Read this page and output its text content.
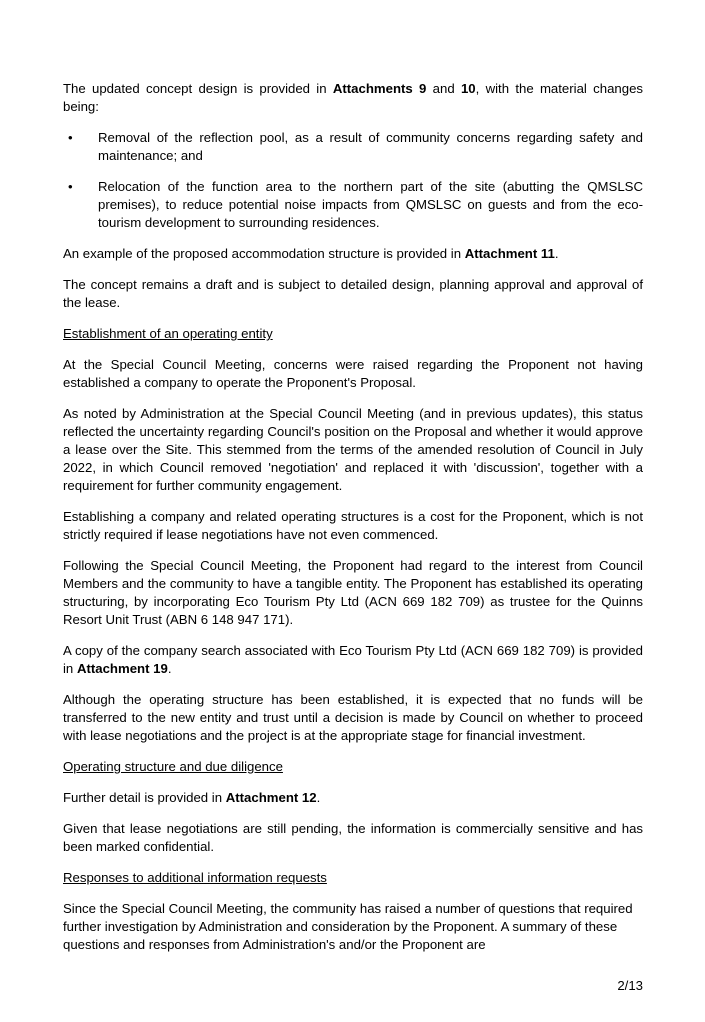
The updated concept design is provided in Attachments 9 and 10, with the material changes being:

•	Removal of the reflection pool, as a result of community concerns regarding safety and maintenance; and

•	Relocation of the function area to the northern part of the site (abutting the QMSLSC premises), to reduce potential noise impacts from QMSLSC on guests and from the eco-tourism development to surrounding residences.

An example of the proposed accommodation structure is provided in Attachment 11.

The concept remains a draft and is subject to detailed design, planning approval and approval of the lease.

Establishment of an operating entity

At the Special Council Meeting, concerns were raised regarding the Proponent not having established a company to operate the Proponent's Proposal.

As noted by Administration at the Special Council Meeting (and in previous updates), this status reflected the uncertainty regarding Council's position on the Proposal and whether it would approve a lease over the Site. This stemmed from the terms of the amended resolution of Council in July 2022, in which Council removed 'negotiation' and replaced it with 'discussion', together with a requirement for further community engagement.

Establishing a company and related operating structures is a cost for the Proponent, which is not strictly required if lease negotiations have not even commenced.

Following the Special Council Meeting, the Proponent had regard to the interest from Council Members and the community to have a tangible entity. The Proponent has established its operating structuring, by incorporating Eco Tourism Pty Ltd (ACN 669 182 709) as trustee for the Quinns Resort Unit Trust (ABN 6 148 947 171).

A copy of the company search associated with Eco Tourism Pty Ltd (ACN 669 182 709) is provided in Attachment 19.

Although the operating structure has been established, it is expected that no funds will be transferred to the new entity and trust until a decision is made by Council on whether to proceed with lease negotiations and the project is at the appropriate stage for financial investment.

Operating structure and due diligence

Further detail is provided in Attachment 12.

Given that lease negotiations are still pending, the information is commercially sensitive and has been marked confidential.

Responses to additional information requests

Since the Special Council Meeting, the community has raised a number of questions that required further investigation by Administration and consideration by the Proponent. A summary of these questions and responses from Administration's and/or the Proponent are

2/13
